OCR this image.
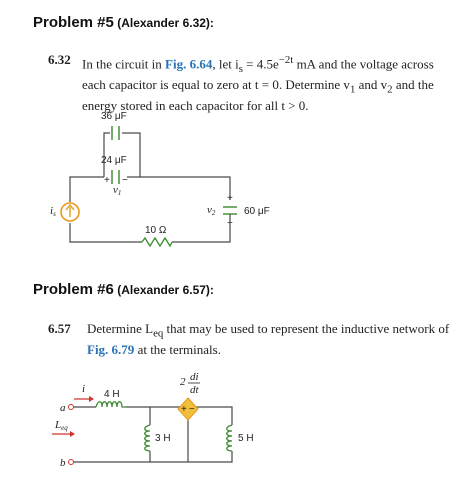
Problem #5 (Alexander 6.32):
6.32 In the circuit in Fig. 6.64, let $i_s = 4.5e^{-2t}$ mA and the voltage across each capacitor is equal to zero at t = 0. Determine $v_1$ and $v_2$ and the energy stored in each capacitor for all t > 0.
36 μF
24 μF
+ −
v1
is
+
−
v2	60 μF
10 Ω
Problem #6 (Alexander 6.57):
6.57 Determine $L_{eq}$ that may be used to represent the inductive network of Fig. 6.79 at the terminals.
a
b
i
Leq
4 H
3 H
+ −
2 di
dt
5 H
